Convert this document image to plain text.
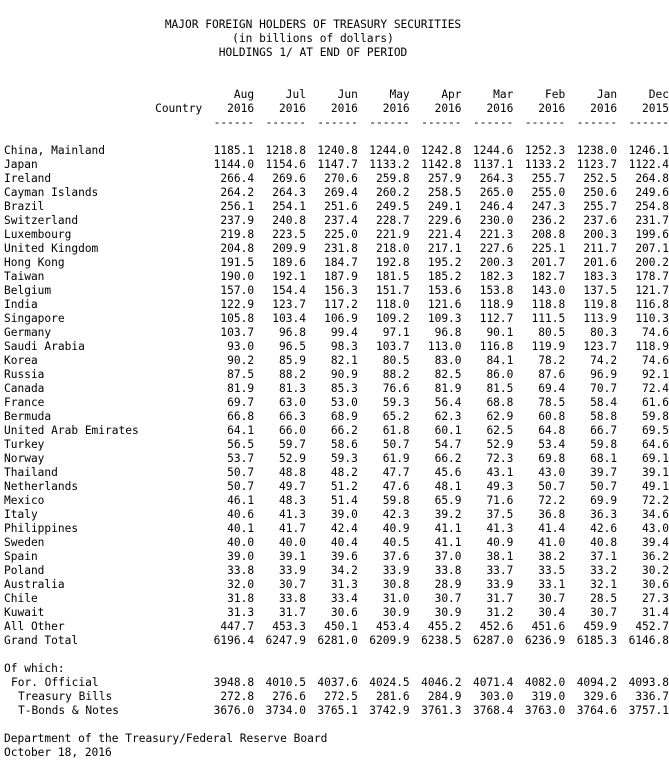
MAJOR FOREIGN HOLDERS OF TREASURY SECURITIES
(in billions of dollars)
HOLDINGS 1/ AT END OF PERIOD
	Aug	Jul	Jun	May	Apr	Mar	Feb	Jan	Dec
Country	2016	2016	2016	2016	2016	2016	2016	2016	2015
	------	------	------	------	------	------	------	------	------

China, Mainland	1185.1	1218.8	1240.8	1244.0	1242.8	1244.6	1252.3	1238.0	1246.1
Japan	1144.0	1154.6	1147.7	1133.2	1142.8	1137.1	1133.2	1123.7	1122.4
Ireland	266.4	269.6	270.6	259.8	257.9	264.3	255.7	252.5	264.8
Cayman Islands	264.2	264.3	269.4	260.2	258.5	265.0	255.0	250.6	249.6
Brazil	256.1	254.1	251.6	249.5	249.1	246.4	247.3	255.7	254.8
Switzerland	237.9	240.8	237.4	228.7	229.6	230.0	236.2	237.6	231.7
Luxembourg	219.8	223.5	225.0	221.9	221.4	221.3	208.8	200.3	199.6
United Kingdom	204.8	209.9	231.8	218.0	217.1	227.6	225.1	211.7	207.1
Hong Kong	191.5	189.6	184.7	192.8	195.2	200.3	201.7	201.6	200.2
Taiwan	190.0	192.1	187.9	181.5	185.2	182.3	182.7	183.3	178.7
Belgium	157.0	154.4	156.3	151.7	153.6	153.8	143.0	137.5	121.7
India	122.9	123.7	117.2	118.0	121.6	118.9	118.8	119.8	116.8
Singapore	105.8	103.4	106.9	109.2	109.3	112.7	111.5	113.9	110.3
Germany	103.7	96.8	99.4	97.1	96.8	90.1	80.5	80.3	74.6
Saudi Arabia	93.0	96.5	98.3	103.7	113.0	116.8	119.9	123.7	118.9
Korea	90.2	85.9	82.1	80.5	83.0	84.1	78.2	74.2	74.6
Russia	87.5	88.2	90.9	88.2	82.5	86.0	87.6	96.9	92.1
Canada	81.9	81.3	85.3	76.6	81.9	81.5	69.4	70.7	72.4
France	69.7	63.0	53.0	59.3	56.4	68.8	78.5	58.4	61.6
Bermuda	66.8	66.3	68.9	65.2	62.3	62.9	60.8	58.8	59.8
United Arab Emirates	64.1	66.0	66.2	61.8	60.1	62.5	64.8	66.7	69.5
Turkey	56.5	59.7	58.6	50.7	54.7	52.9	53.4	59.8	64.6
Norway	53.7	52.9	59.3	61.9	66.2	72.3	69.8	68.1	69.1
Thailand	50.7	48.8	48.2	47.7	45.6	43.1	43.0	39.7	39.1
Netherlands	50.7	49.7	51.2	47.6	48.1	49.3	50.7	50.7	49.1
Mexico	46.1	48.3	51.4	59.8	65.9	71.6	72.2	69.9	72.2
Italy	40.6	41.3	39.0	42.3	39.2	37.5	36.8	36.3	34.6
Philippines	40.1	41.7	42.4	40.9	41.1	41.3	41.4	42.6	43.0
Sweden	40.0	40.0	40.4	40.5	41.1	40.9	41.0	40.8	39.4
Spain	39.0	39.1	39.6	37.6	37.0	38.1	38.2	37.1	36.2
Poland	33.8	33.9	34.2	33.9	33.8	33.7	33.5	33.2	30.2
Australia	32.0	30.7	31.3	30.8	28.9	33.9	33.1	32.1	30.6
Chile	31.8	33.8	33.4	31.0	30.7	31.7	30.7	28.5	27.3
Kuwait	31.3	31.7	30.6	30.9	30.9	31.2	30.4	30.7	31.4
All Other	447.7	453.3	450.1	453.4	455.2	452.6	451.6	459.9	452.7
Grand Total	6196.4	6247.9	6281.0	6209.9	6238.5	6287.0	6236.9	6185.3	6146.8

Of which:									
For. Official	3948.8	4010.5	4037.6	4024.5	4046.2	4071.4	4082.0	4094.2	4093.8
Treasury Bills	272.8	276.6	272.5	281.6	284.9	303.0	319.0	329.6	336.7
T-Bonds & Notes	3676.0	3734.0	3765.1	3742.9	3761.3	3768.4	3763.0	3764.6	3757.1
Department of the Treasury/Federal Reserve Board
October 18, 2016
